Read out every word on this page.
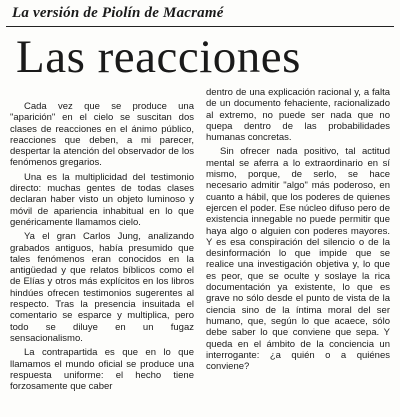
La versión de Piolín de Macramé
Las reacciones

Cada vez que se produce una "aparición" en el cielo se suscitan dos clases de reacciones en el ánimo público, reacciones que deben, a mi parecer, despertar la atención del observador de los fenómenos gregarios.

Una es la multiplicidad del testimonio directo: muchas gentes de todas clases declaran haber visto un objeto luminoso y móvil de apariencia inhabitual en lo que genéricamente llamamos cielo.

Ya el gran Carlos Jung, analizando grabados antiguos, había presumido que tales fenómenos eran conocidos en la antigüedad y que relatos bíblicos como el de Elías y otros más explícitos en los libros hindúes ofrecen testimonios sugerentes al respecto. Tras la presencia insuitada el comentario se esparce y multiplica, pero todo se diluye en un fugaz sensacionalismo.

La contrapartida es que en lo que llamamos el mundo oficial se produce una respuesta uniforme: el hecho tiene forzosamente que caber

dentro de una explicación racional y, a falta de un documento fehaciente, racionalizado al extremo, no puede ser nada que no quepa dentro de las probabilidades humanas concretas.

Sin ofrecer nada positivo, tal actitud mental se aferra a lo extraordinario en sí mismo, porque, de serlo, se hace necesario admitir "algo" más poderoso, en cuanto a hábil, que los poderes de quienes ejercen el poder. Ese núcleo difuso pero de existencia innegable no puede permitir que haya algo o alguien con poderes mayores. Y es esa conspiración del silencio o de la desinformación lo que impide que se realice una investigación objetiva y, lo que es peor, que se oculte y soslaye la rica documentación ya existente, lo que es grave no sólo desde el punto de vista de la ciencia sino de la íntima moral del ser humano, que, según lo que acaece, sólo debe saber lo que conviene que sepa. Y queda en el ámbito de la conciencia un interrogante: ¿a quién o a quiénes conviene?
